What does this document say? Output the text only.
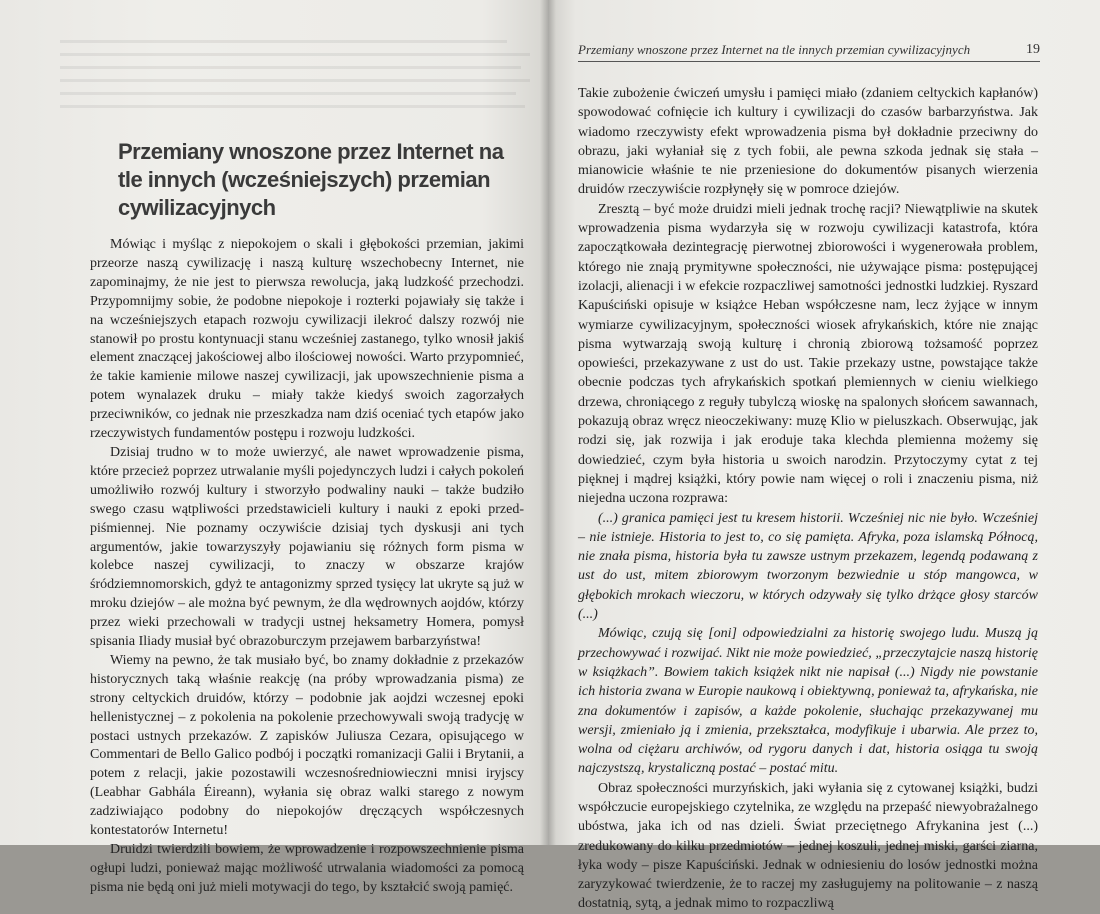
Przemiany wnoszone przez Internet na tle innych (wcześniejszych) przemian cywilizacyjnych

Mówiąc i myśląc z niepokojem o skali i głębokości przemian, jakimi przeorze naszą cywilizację i naszą kulturę wszechobecny Internet, nie zapominajmy, że nie jest to pierwsza rewolucja, jaką ludzkość przechodzi. Przypomnijmy sobie, że podobne niepokoje i rozterki pojawiały się także i na wcześniejszych etapach rozwoju cywilizacji ilekroć dalszy rozwój nie stanowił po prostu kontynuacji stanu wcześniej zastanego, tylko wnosił jakiś element znaczącej jakościowej albo ilościowej nowości. Warto przypomnieć, że takie kamienie milowe naszej cywilizacji, jak upowszechnienie pisma a potem wynalazek druku – miały także kiedyś swoich zagorzałych przeciwników, co jednak nie przeszkadza nam dziś oceniać tych etapów jako rzeczywistych fundamentów postępu i rozwoju ludzkości.

Dzisiaj trudno w to może uwierzyć, ale nawet wprowadzenie pisma, które przecież poprzez utrwalanie myśli pojedynczych ludzi i całych pokoleń umożliwiło rozwój kultury i stworzyło podwaliny nauki – także budziło swego czasu wątpliwości przedstawicieli kultury i nauki z epoki przed-piśmiennej. Nie poznamy oczywiście dzisiaj tych dyskusji ani tych argumentów, jakie towarzyszyły pojawianiu się różnych form pisma w kolebce naszej cywilizacji, to znaczy w obszarze krajów śródziemnomorskich, gdyż te antagonizmy sprzed tysięcy lat ukryte są już w mroku dziejów – ale można być pewnym, że dla wędrownych aojdów, którzy przez wieki przechowali w tradycji ustnej heksametry Homera, pomysł spisania Iliady musiał być obrazoburczym przejawem barbarzyństwa!

Wiemy na pewno, że tak musiało być, bo znamy dokładnie z przekazów historycznych taką właśnie reakcję (na próby wprowadzania pisma) ze strony celtyckich druidów, którzy – podobnie jak aojdzi wczesnej epoki hellenistycznej – z pokolenia na pokolenie przechowywali swoją tradycję w postaci ustnych przekazów. Z zapisków Juliusza Cezara, opisującego w Commentari de Bello Galico podbój i początki romanizacji Galii i Brytanii, a potem z relacji, jakie pozostawili wczesnośredniowieczni mnisi iryjscy (Leabhar Gabhála Éireann), wyłania się obraz walki starego z nowym zadziwiająco podobny do niepokojów dręczących współczesnych kontestatorów Internetu!

Druidzi twierdzili bowiem, że wprowadzenie i rozpowszechnienie pisma ogłupi ludzi, ponieważ mając możliwość utrwalania wiadomości za pomocą pisma nie będą oni już mieli motywacji do tego, by kształcić swoją pamięć.

Przemiany wnoszone przez Internet na tle innych przemian cywilizacyjnych	19

Takie zubożenie ćwiczeń umysłu i pamięci miało (zdaniem celtyckich kapłanów) spowodować cofnięcie ich kultury i cywilizacji do czasów barbarzyństwa. Jak wiadomo rzeczywisty efekt wprowadzenia pisma był dokładnie przeciwny do obrazu, jaki wyłaniał się z tych fobii, ale pewna szkoda jednak się stała – mianowicie właśnie te nie przeniesione do dokumentów pisanych wierzenia druidów rzeczywiście rozpłynęły się w pomroce dziejów.

Zresztą – być może druidzi mieli jednak trochę racji? Niewątpliwie na skutek wprowadzenia pisma wydarzyła się w rozwoju cywilizacji katastrofa, która zapoczątkowała dezintegrację pierwotnej zbiorowości i wygenerowała problem, którego nie znają prymitywne społeczności, nie używające pisma: postępującej izolacji, alienacji i w efekcie rozpaczliwej samotności jednostki ludzkiej. Ryszard Kapuściński opisuje w książce Heban współczesne nam, lecz żyjące w innym wymiarze cywilizacyjnym, społeczności wiosek afrykańskich, które nie znając pisma wytwarzają swoją kulturę i chronią zbiorową tożsamość poprzez opowieści, przekazywane z ust do ust. Takie przekazy ustne, powstające także obecnie podczas tych afrykańskich spotkań plemiennych w cieniu wielkiego drzewa, chroniącego z reguły tubylczą wioskę na spalonych słońcem sawannach, pokazują obraz wręcz nieoczekiwany: muzę Klio w pieluszkach. Obserwując, jak rodzi się, jak rozwija i jak eroduje taka klechda plemienna możemy się dowiedzieć, czym była historia u swoich narodzin. Przytoczymy cytat z tej pięknej i mądrej książki, który powie nam więcej o roli i znaczeniu pisma, niż niejedna uczona rozprawa:

(...) granica pamięci jest tu kresem historii. Wcześniej nic nie było. Wcześniej – nie istnieje. Historia to jest to, co się pamięta. Afryka, poza islamską Północą, nie znała pisma, historia była tu zawsze ustnym przekazem, legendą podawaną z ust do ust, mitem zbiorowym tworzonym bezwiednie u stóp mangowca, w głębokich mrokach wieczoru, w których odzywały się tylko drżące głosy starców (...)

Mówiąc, czują się [oni] odpowiedzialni za historię swojego ludu. Muszą ją przechowywać i rozwijać. Nikt nie może powiedzieć, „przeczytajcie naszą historię w książkach”. Bowiem takich książek nikt nie napisał (...) Nigdy nie powstanie ich historia zwana w Europie naukową i obiektywną, ponieważ ta, afrykańska, nie zna dokumentów i zapisów, a każde pokolenie, słuchając przekazywanej mu wersji, zmieniało ją i zmienia, przekształca, modyfikuje i ubarwia. Ale przez to, wolna od ciężaru archiwów, od rygoru danych i dat, historia osiąga tu swoją najczystszą, krystaliczną postać – postać mitu.

Obraz społeczności murzyńskich, jaki wyłania się z cytowanej książki, budzi współczucie europejskiego czytelnika, ze względu na przepaść niewyobrażalnego ubóstwa, jaka ich od nas dzieli. Świat przeciętnego Afrykanina jest (...) zredukowany do kilku przedmiotów – jednej koszuli, jednej miski, garści ziarna, łyka wody – pisze Kapuściński. Jednak w odniesieniu do losów jednostki można zaryzykować twierdzenie, że to raczej my zasługujemy na politowanie – z naszą dostatnią, sytą, a jednak mimo to rozpaczliwą
